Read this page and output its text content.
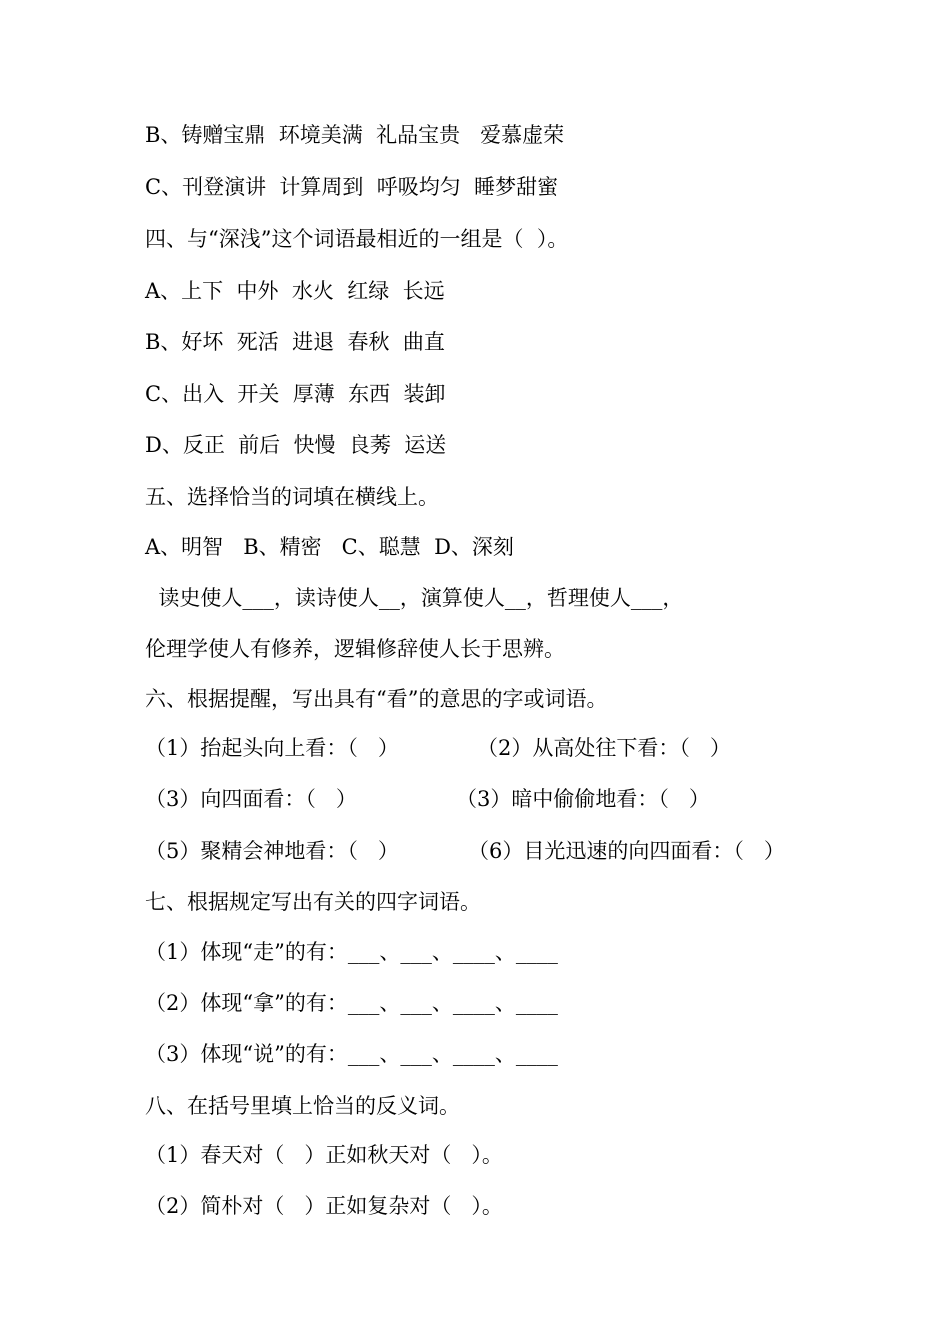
B、铸赠宝鼎  环境美满  礼品宝贵   爱慕虚荣
C、刊登演讲  计算周到  呼吸均匀  睡梦甜蜜
四、与“深浅”这个词语最相近的一组是（  ）。
A、上下  中外  水火  红绿  长远
B、好坏  死活  进退  春秋  曲直
C、出入  开关  厚薄  东西  装卸
D、反正  前后  快慢  良莠  运送
五、选择恰当的词填在横线上。
A、明智   B、精密   C、聪慧  D、深刻
读史使人___，读诗使人__，演算使人__，哲理使人___，
伦理学使人有修养，逻辑修辞使人长于思辨。
六、根据提醒，写出具有“看”的意思的字或词语。
（1）抬起头向上看：（   ）	（2）从高处往下看：（   ）
（3）向四面看：（   ）	（3）暗中偷偷地看：（   ）
（5）聚精会神地看：（   ）	（6）目光迅速的向四面看：（   ）
七、根据规定写出有关的四字词语。
（1）体现“走”的有：___、___、____、____
（2）体现“拿”的有：___、___、____、____
（3）体现“说”的有：___、___、____、____
八、在括号里填上恰当的反义词。
（1）春天对（   ）正如秋天对（   ）。
（2）简朴对（   ）正如复杂对（   ）。
